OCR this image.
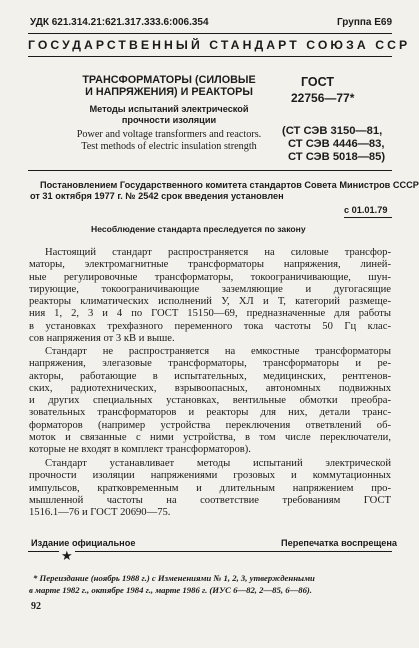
УДК 621.314.21:621.317.333.6:006.354	Группа Е69
ГОСУДАРСТВЕННЫЙ СТАНДАРТ СОЮЗА ССР
ТРАНСФОРМАТОРЫ (СИЛОВЫЕ
И НАПРЯЖЕНИЯ) И РЕАКТОРЫ
Методы испытаний электрической
прочности изоляции
Power and voltage transformers and reactors.
Test methods of electric insulation strength
ГОСТ
22756—77*
(СТ СЭВ 3150—81,
СТ СЭВ 4446—83,
СТ СЭВ 5018—85)
Постановлением Государственного комитета стандартов Совета Министров СССР
от 31 октября 1977 г. № 2542 срок введения установлен
с 01.01.79
Несоблюдение стандарта преследуется по закону
Настоящий стандарт распространяется на силовые трансфор-
маторы, электромагнитные трансформаторы напряжения, линей-
ные регулировочные трансформаторы, токоограничивающие, шун-
тирующие, токоограничивающие заземляющие и дугогасящие
реакторы климатических исполнений У, ХЛ и Т, категорий размеще-
ния 1, 2, 3 и 4 по ГОСТ 15150—69, предназначенные для работы
в установках трехфазного переменного тока частоты 50 Гц клас-
сов напряжения от 3 кВ и выше.
Стандарт не распространяется на емкостные трансформаторы
напряжения, элегазовые трансформаторы, трансформаторы и ре-
акторы, работающие в испытательных, медицинских, рентгенов-
ских, радиотехнических, взрывоопасных, автономных подвижных
и других специальных установках, вентильные обмотки преобра-
зовательных трансформаторов и реакторы для них, детали транс-
форматоров (например устройства переключения ответвлений об-
моток и связанные с ними устройства, в том числе переключатели,
которые не входят в комплект трансформаторов).
Стандарт устанавливает методы испытаний электрической
прочности изоляции напряжениями грозовых и коммутационных
импульсов, кратковременным и длительным напряжением про-
мышленной частоты на соответствие требованиям ГОСТ
1516.1—76 и ГОСТ 20690—75.
Издание официальное	Перепечатка воспрещена
★
* Переиздание (ноябрь 1988 г.) с Изменениями № 1, 2, 3, утвержденными
в марте 1982 г., октябре 1984 г., марте 1986 г. (ИУС 6—82, 2—85, 6—86).
92
